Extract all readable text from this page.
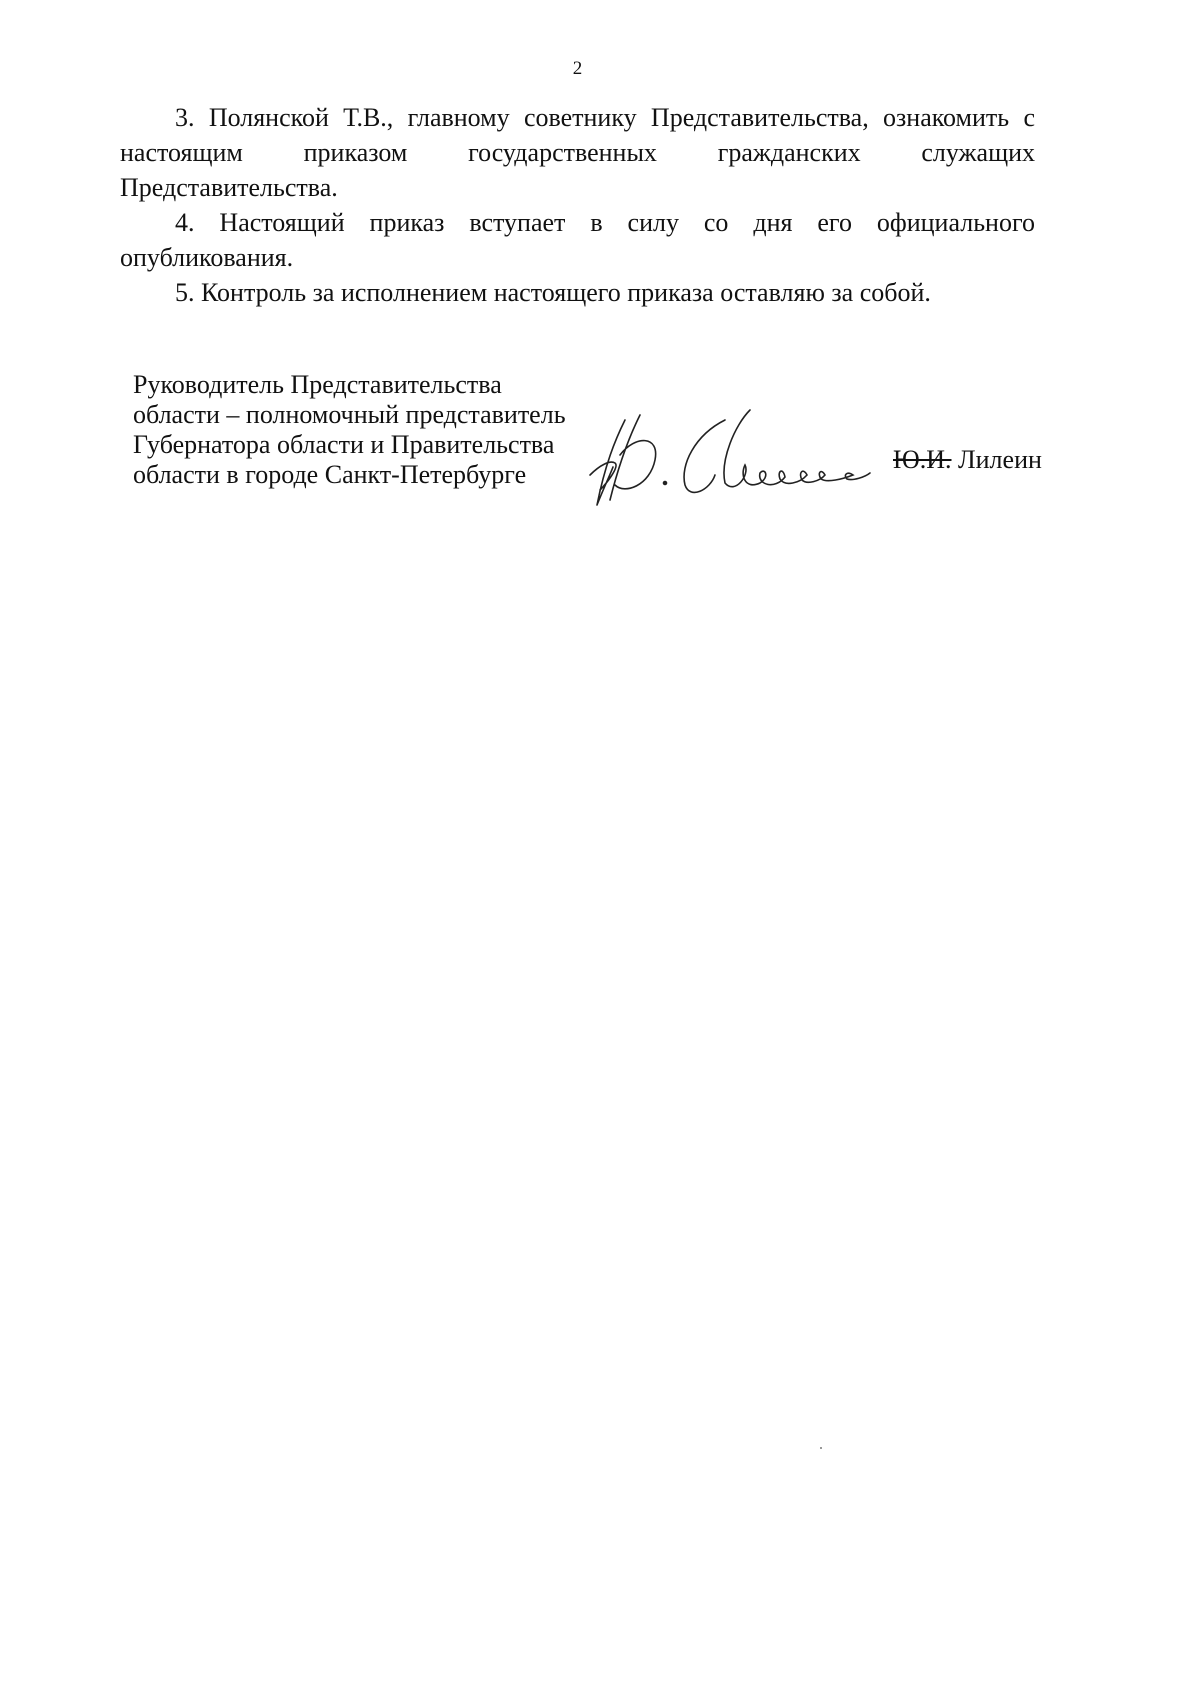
2

3. Полянской Т.В., главному советнику Представительства, ознакомить с настоящим приказом государственных гражданских служащих Представительства.

4. Настоящий приказ вступает в силу со дня его официального опубликования.

5. Контроль за исполнением настоящего приказа оставляю за собой.

Руководитель Представительства
области – полномочный представитель
Губернатора области и Правительства
области в городе Санкт-Петербурге
Ю.И. Лилеин
